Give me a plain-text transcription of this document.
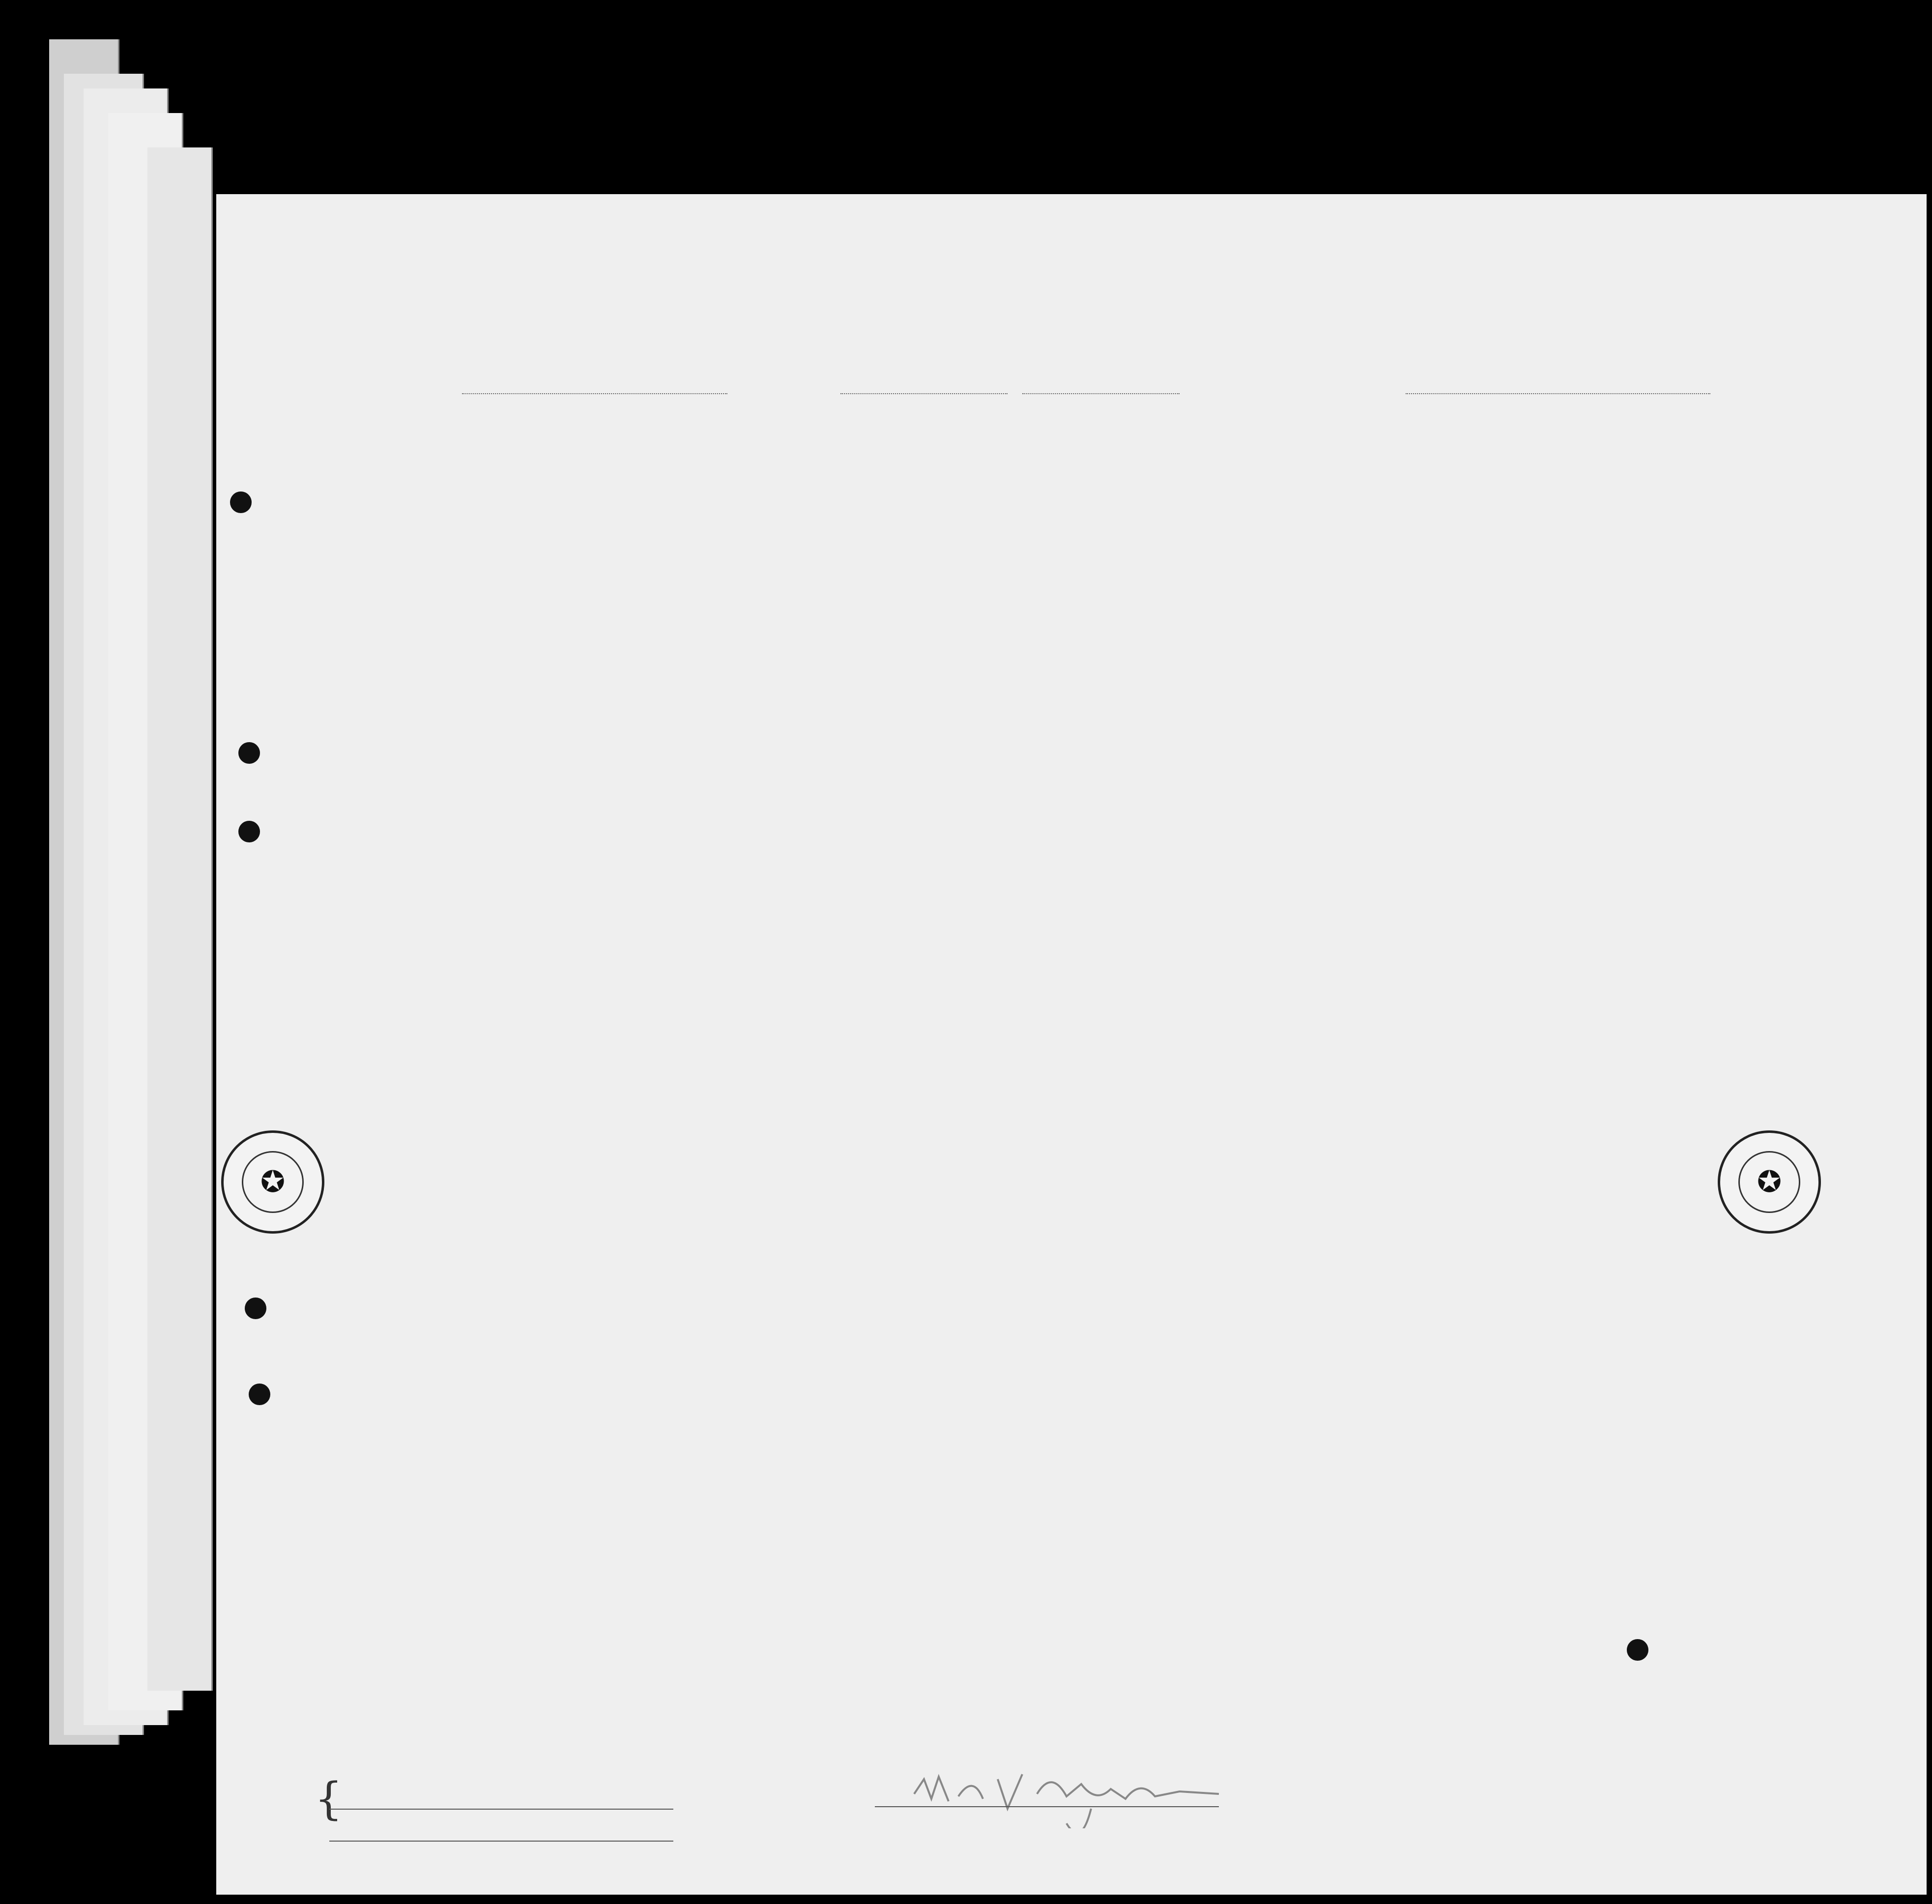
✪	✪
{
